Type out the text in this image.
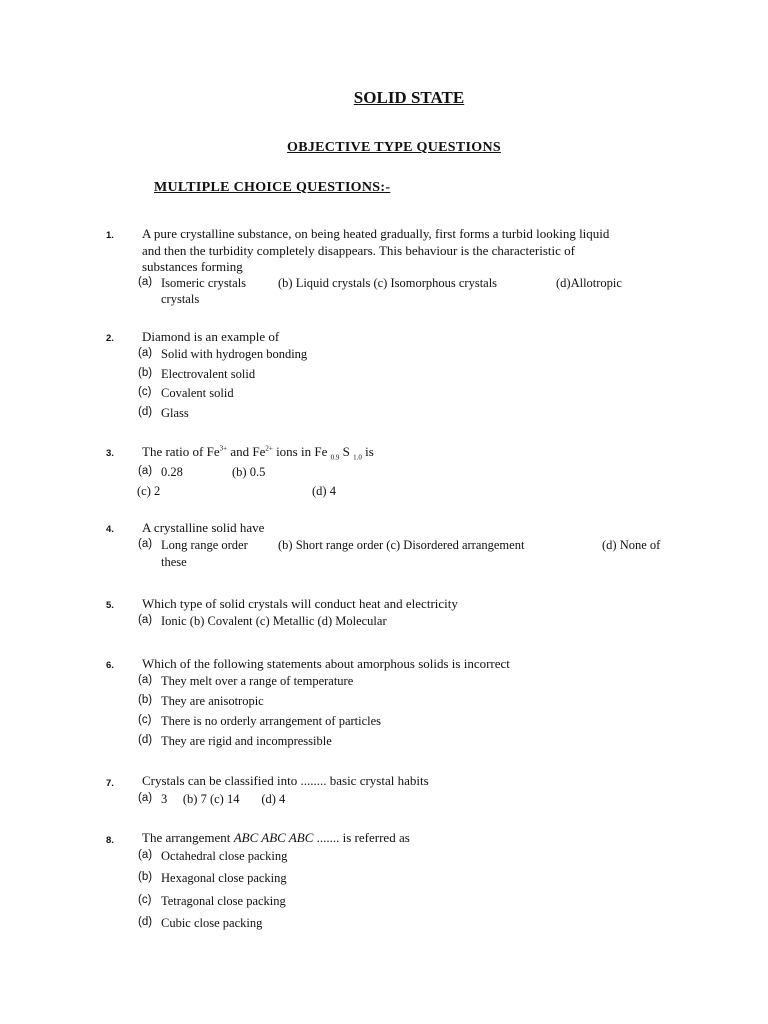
SOLID STATE
OBJECTIVE TYPE QUESTIONS
MULTIPLE CHOICE QUESTIONS:-
1. A pure crystalline substance, on being heated gradually, first forms a turbid looking liquid
and then the turbidity completely disappears. This behaviour is the characteristic of
substances forming
(a) Isomeric crystals	(b) Liquid crystals (c) Isomorphous crystals	(d)Allotropic
crystals
2. Diamond is an example of
(a) Solid with hydrogen bonding
(b) Electrovalent solid
(c) Covalent solid
(d) Glass
3. The ratio of $Fe^{3+}$ and $Fe^{2+}$ ions in Fe $_{0.9}$ S $_{1.0}$ is
(a) 0.28	(b) 0.5
(c) 2	(d) 4
4. A crystalline solid have
(a) Long range order (b) Short range order (c) Disordered arrangement	(d) None of
these
5. Which type of solid crystals will conduct heat and electricity
(a) Ionic (b) Covalent (c) Metallic (d) Molecular
6. Which of the following statements about amorphous solids is incorrect
(a) They melt over a range of temperature
(b) They are anisotropic
(c) There is no orderly arrangement of particles
(d) They are rigid and incompressible
7. Crystals can be classified into ........ basic crystal habits
(a) 3     (b) 7 (c) 14       (d) 4
8. The arrangement ABC ABC ABC ....... is referred as
(a) Octahedral close packing
(b) Hexagonal close packing
(c) Tetragonal close packing
(d) Cubic close packing
